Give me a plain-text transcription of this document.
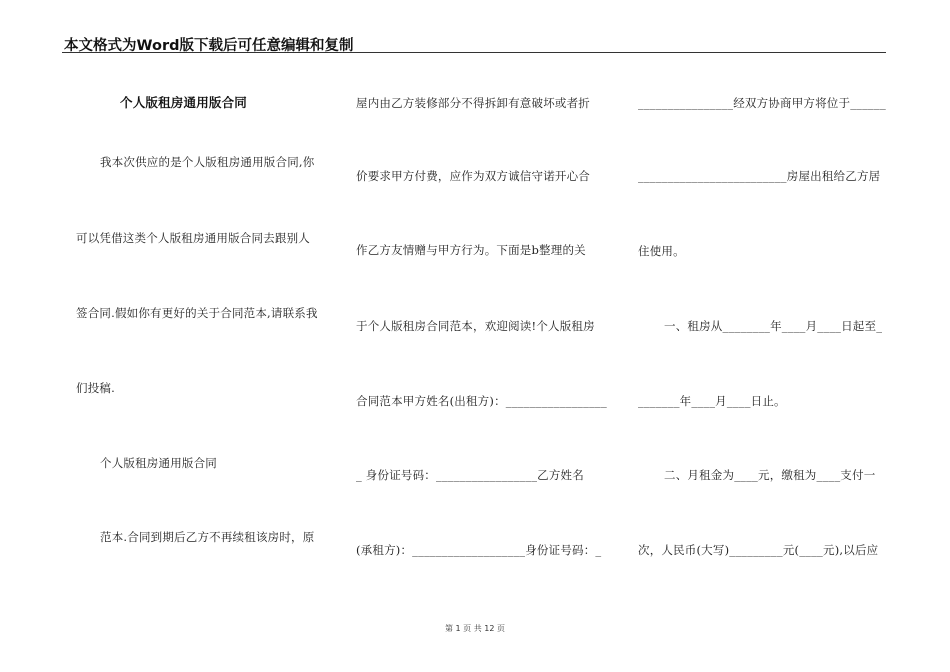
本文格式为Word版下载后可任意编辑和复制
个人版租房通用版合同
我本次供应的是个人版租房通用版合同,你
可以凭借这类个人版租房通用版合同去跟别人
签合同.假如你有更好的关于合同范本,请联系我
们投稿.
个人版租房通用版合同
范本.合同到期后乙方不再续租该房时，原
屋内由乙方装修部分不得拆卸有意破坏或者折
价要求甲方付费，应作为双方诚信守诺开心合
作乙方友情赠与甲方行为。下面是b整理的关
于个人版租房合同范本，欢迎阅读!个人版租房
合同范本甲方姓名(出租方)：_________________
_ 身份证号码：_________________乙方姓名
(承租方)：___________________身份证号码：_
________________经双方协商甲方将位于______
_________________________房屋出租给乙方居
住使用。
一、租房从________年____月____日起至_
_______年____月____日止。
二、月租金为____元，缴租为____支付一
次，人民币(大写)_________元(____元),以后应
第 1 页 共 12 页
